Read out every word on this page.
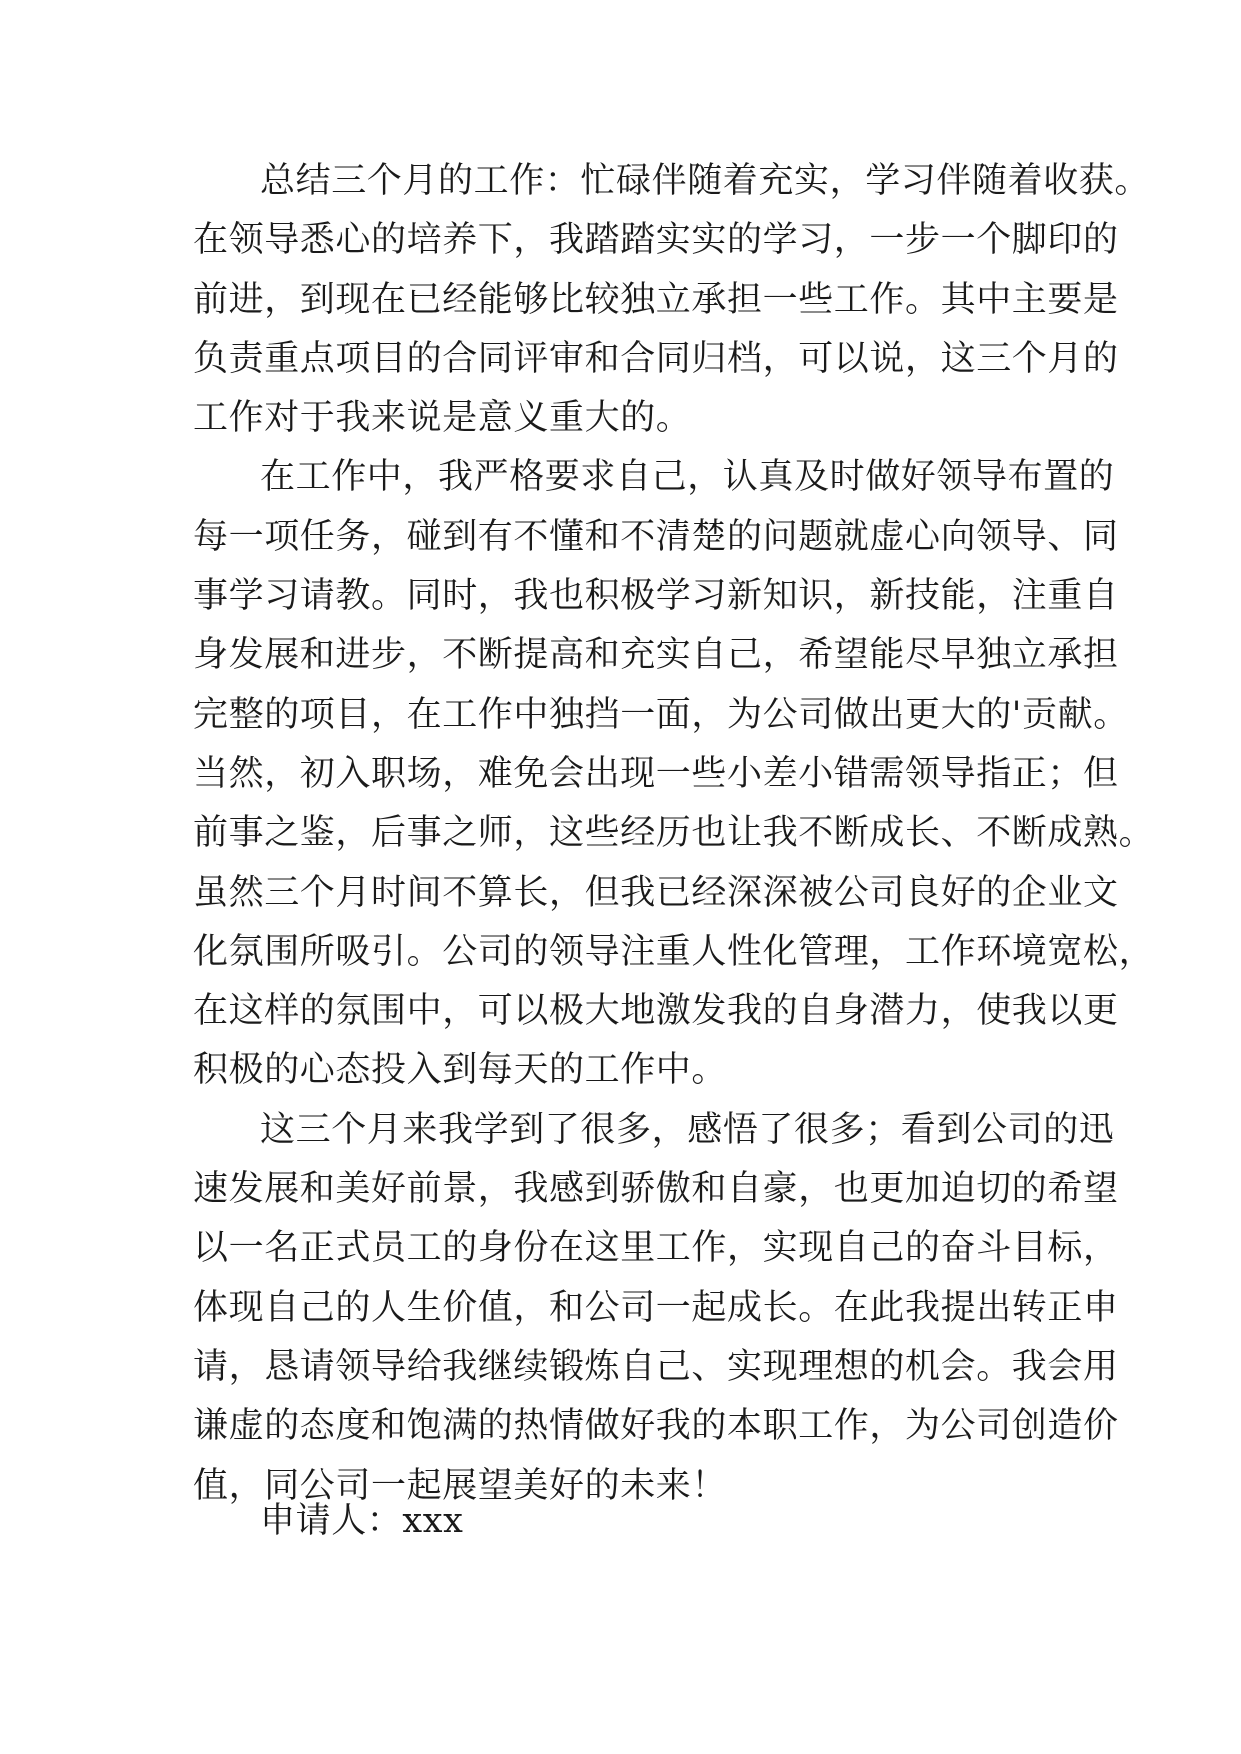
总结三个月的工作：忙碌伴随着充实，学习伴随着收获。
在领导悉心的培养下，我踏踏实实的学习，一步一个脚印的
前进，到现在已经能够比较独立承担一些工作。其中主要是
负责重点项目的合同评审和合同归档，可以说，这三个月的
工作对于我来说是意义重大的。
在工作中，我严格要求自己，认真及时做好领导布置的
每一项任务，碰到有不懂和不清楚的问题就虚心向领导、同
事学习请教。同时，我也积极学习新知识，新技能，注重自
身发展和进步，不断提高和充实自己，希望能尽早独立承担
完整的项目，在工作中独挡一面，为公司做出更大的'贡献。
当然，初入职场，难免会出现一些小差小错需领导指正；但
前事之鉴，后事之师，这些经历也让我不断成长、不断成熟。
虽然三个月时间不算长，但我已经深深被公司良好的企业文
化氛围所吸引。公司的领导注重人性化管理，工作环境宽松，
在这样的氛围中，可以极大地激发我的自身潜力，使我以更
积极的心态投入到每天的工作中。
这三个月来我学到了很多，感悟了很多；看到公司的迅
速发展和美好前景，我感到骄傲和自豪，也更加迫切的希望
以一名正式员工的身份在这里工作，实现自己的奋斗目标，
体现自己的人生价值，和公司一起成长。在此我提出转正申
请，恳请领导给我继续锻炼自己、实现理想的机会。我会用
谦虚的态度和饱满的热情做好我的本职工作，为公司创造价
值，同公司一起展望美好的未来！
申请人：xxx
